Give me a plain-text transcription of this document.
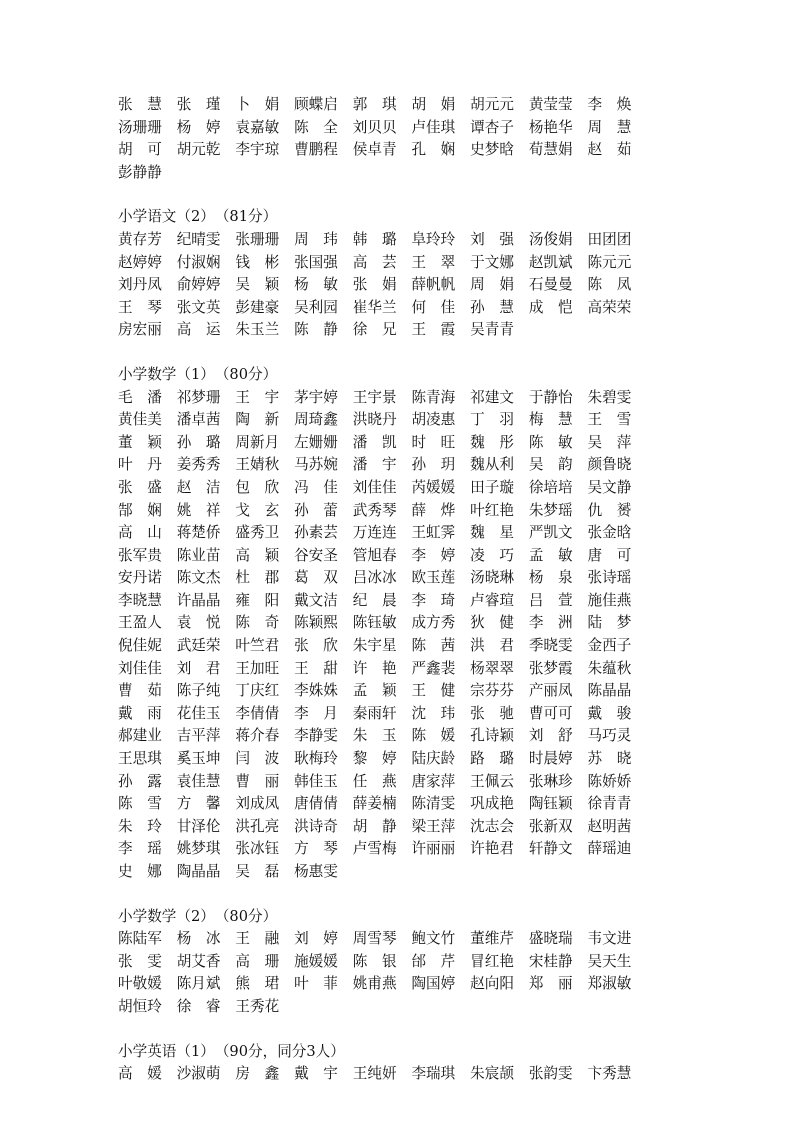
张　慧	张　瑾	卜　娟	顾蝶启	郭　琪	胡　娟	胡元元	黄莹莹	李　焕
汤珊珊	杨　婷	袁嘉敏	陈　全	刘贝贝	卢佳琪	谭杏子	杨艳华	周　慧
胡　可	胡元乾	李宇琼	曹鹏程	侯卓青	孔　娴	史梦晗	荀慧娟	赵　茹
彭静静
小学语文（2）　（81分）
黄存芳	纪晴雯	张珊珊	周　玮	韩　璐	阜玲玲	刘　强	汤俊娟	田团团
赵婷婷	付淑娴	钱　彬	张国强	高　芸	王　翠	于文娜	赵凯斌	陈元元
刘丹凤	俞婷婷	吴　颖	杨　敏	张　娟	薛帆帆	周　娟	石曼曼	陈　凤
王　琴	张文英	彭建豪	吴利园	崔华兰	何　佳	孙　慧	成　恺	高荣荣
房宏丽	高　运	朱玉兰	陈　静	徐　兄	王　霞	吴青青
小学数学（1）　（80分）
毛　潘	祁梦珊	王　宇	茅宇婷	王宇景	陈青海	祁建文	于静怡	朱碧雯
黄佳美	潘卓茜	陶　新	周琦鑫	洪晓丹	胡凌惠	丁　羽	梅　慧	王　雪
董　颖	孙　璐	周新月	左姗姗	潘　凯	时　旺	魏　彤	陈　敏	吴　萍
叶　丹	姜秀秀	王婧秋	马苏婉	潘　宇	孙　玥	魏从利	吴　韵	颜鲁晓
张　盛	赵　洁	包　欣	冯　佳	刘佳佳	芮媛媛	田子璇	徐培培	吴文静
郜　娴	姚　祥	戈　玄	孙　蕾	武秀琴	薛　烨	叶红艳	朱梦瑶	仇　赟
高　山	蒋楚侨	盛秀卫	孙素芸	万连连	王虹霁	魏　星	严凯文	张金晗
张军贵	陈业苗	高　颖	谷安圣	管旭春	李　婷	凌　巧	孟　敏	唐　可
安丹诺	陈文杰	杜　郡	葛　双	吕冰冰	欧玉莲	汤晓琳	杨　泉	张诗瑶
李晓慧	许晶晶	雍　阳	戴文洁	纪　晨	李　琦	卢睿瑄	吕　萱	施佳燕
王盈人	袁　悦	陈　奇	陈颖熙	陈钰敏	成方秀	狄　健	李　洲	陆　梦
倪佳妮	武廷荣	叶竺君	张　欣	朱宇星	陈　茜	洪　君	季晓雯	金西子
刘佳佳	刘　君	王加旺	王　甜	许　艳	严鑫裴	杨翠翠	张梦霞	朱蕴秋
曹　茹	陈子纯	丁庆红	李姝姝	孟　颖	王　健	宗芬芬	产丽凤	陈晶晶
戴　雨	花佳玉	李倩倩	李　月	秦雨轩	沈　玮	张　驰	曹可可	戴　骏
郝建业	吉平萍	蒋介春	李静雯	朱　玉	陈　媛	孔诗颖	刘　舒	马巧灵
王思琪	奚玉坤	闫　波	耿梅玲	黎　婷	陆庆龄	路　璐	时晨婷	苏　晓
孙　露	袁佳慧	曹　丽	韩佳玉	任　燕	唐家萍	王佩云	张琳珍	陈娇娇
陈　雪	方　馨	刘成凤	唐倩倩	薛姜楠	陈清雯	巩成艳	陶钰颖	徐青青
朱　玲	甘泽伦	洪孔亮	洪诗奇	胡　静	梁王萍	沈志会	张新双	赵明茜
李　瑶	姚梦琪	张冰钰	方　琴	卢雪梅	许丽丽	许艳君	轩静文	薛瑶迪
史　娜	陶晶晶	吴　磊	杨惠雯
小学数学（2）　（80分）
陈陆军	杨　冰	王　融	刘　婷	周雪琴	鲍文竹	董维芹	盛晓瑞	韦文进
张　雯	胡艾香	高　珊	施媛媛	陈　银	邰　芹	冒红艳	宋桂静	吴天生
叶敬媛	陈月斌	熊　珺	叶　菲	姚甫燕	陶国婷	赵向阳	郑　丽	郑淑敏
胡恒玲	徐　睿	王秀花
小学英语（1）　（90分，同分3人）
高　媛	沙淑萌	房　鑫	戴　宇	王纯妍	李瑞琪	朱宸颉	张韵雯	卞秀慧
